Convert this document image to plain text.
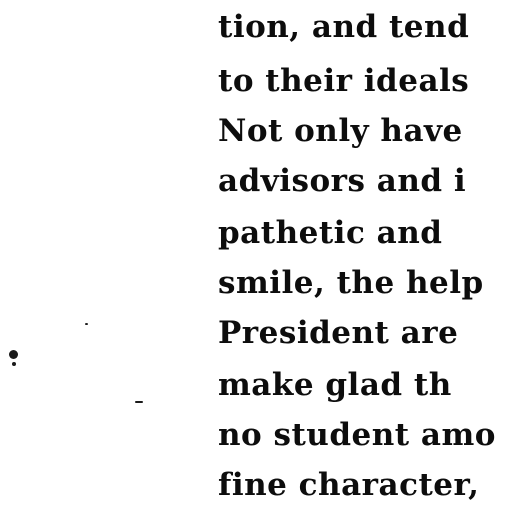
tion, and tend

to their ideals

Not only have

advisors and i

pathetic and

smile, the help

President are

make glad th

no student amo

fine character,
